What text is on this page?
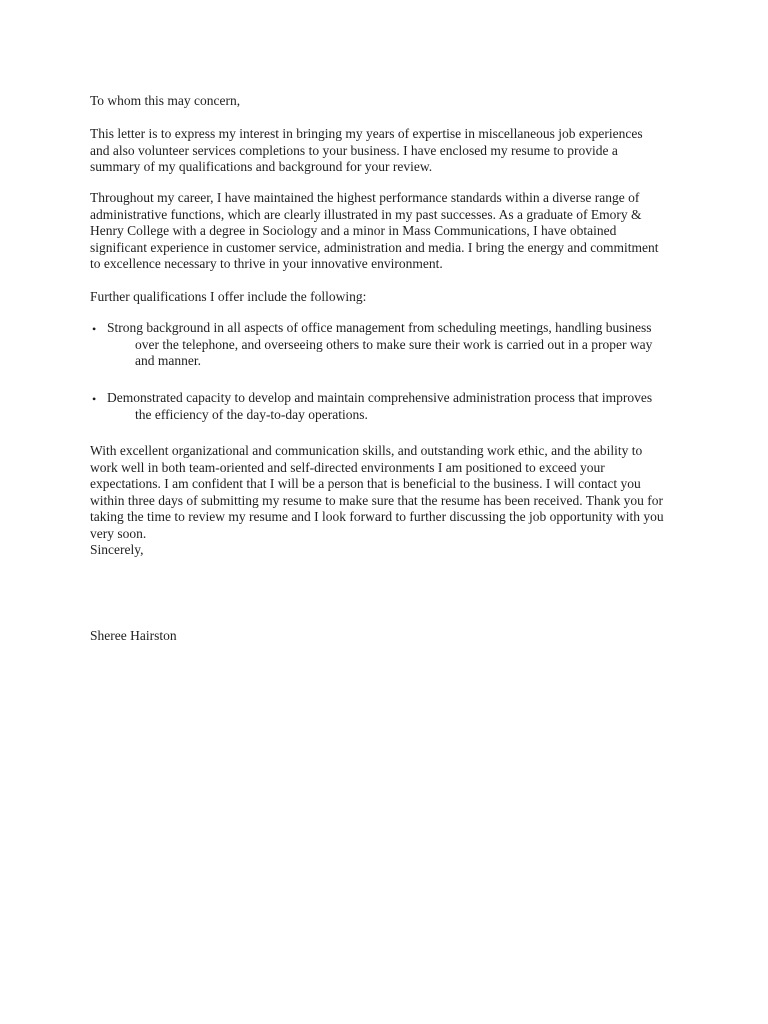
To whom this may concern,
This letter is to express my interest in bringing my years of expertise in miscellaneous job experiences
and also volunteer services completions to your business. I have enclosed my resume to provide a
summary of my qualifications and background for your review.
Throughout my career, I have maintained the highest performance standards within a diverse range of
administrative functions, which are clearly illustrated in my past successes. As a graduate of Emory &
Henry College with a degree in Sociology and a minor in Mass Communications, I have obtained
significant experience in customer service, administration and media. I bring the energy and commitment
to excellence necessary to thrive in your innovative environment.
Further qualifications I offer include the following:
• Strong background in all aspects of office management from scheduling meetings, handling business
over the telephone, and overseeing others to make sure their work is carried out in a proper way
and manner.
• Demonstrated capacity to develop and maintain comprehensive administration process that improves
the efficiency of the day-to-day operations.
With excellent organizational and communication skills, and outstanding work ethic, and the ability to
work well in both team-oriented and self-directed environments I am positioned to exceed your
expectations. I am confident that I will be a person that is beneficial to the business. I will contact you
within three days of submitting my resume to make sure that the resume has been received. Thank you for
taking the time to review my resume and I look forward to further discussing the job opportunity with you
very soon.
Sincerely,
Sheree Hairston
